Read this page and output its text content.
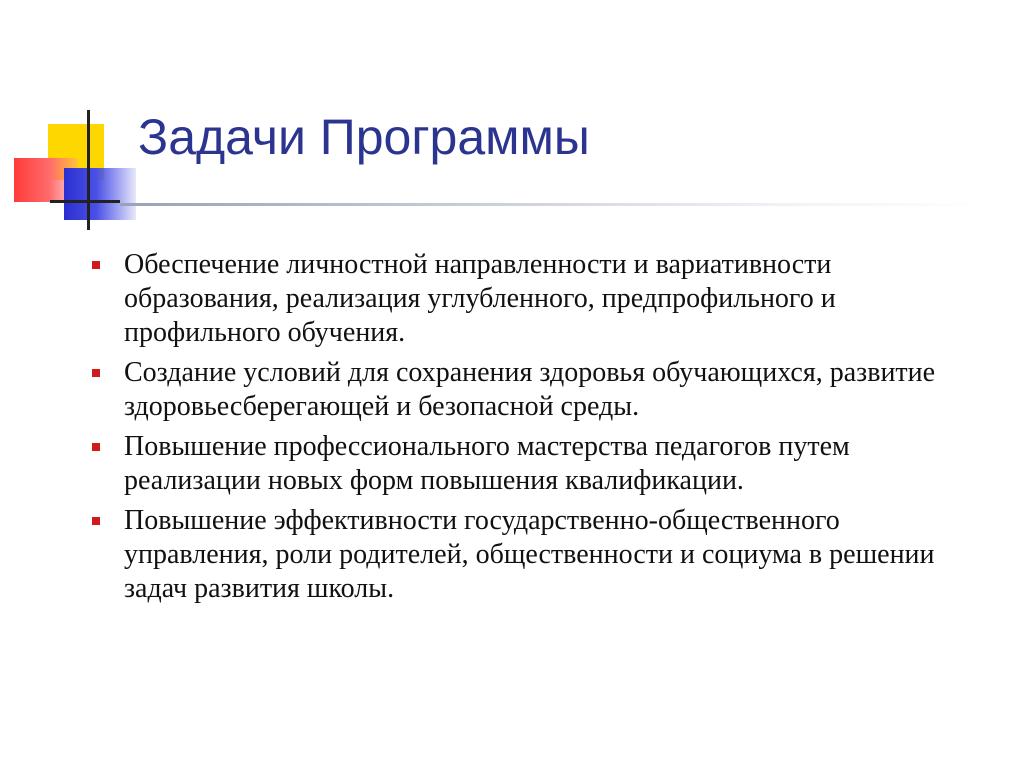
Задачи Программы
Обеспечение личностной направленности и вариативности образования, реализация углубленного, предпрофильного и профильного обучения.
Создание условий для сохранения здоровья обучающихся, развитие здоровьесберегающей и безопасной среды.
Повышение профессионального мастерства педагогов путем реализации новых форм повышения квалификации.
Повышение эффективности государственно-общественного управления, роли родителей, общественности и социума в решении задач развития школы.
